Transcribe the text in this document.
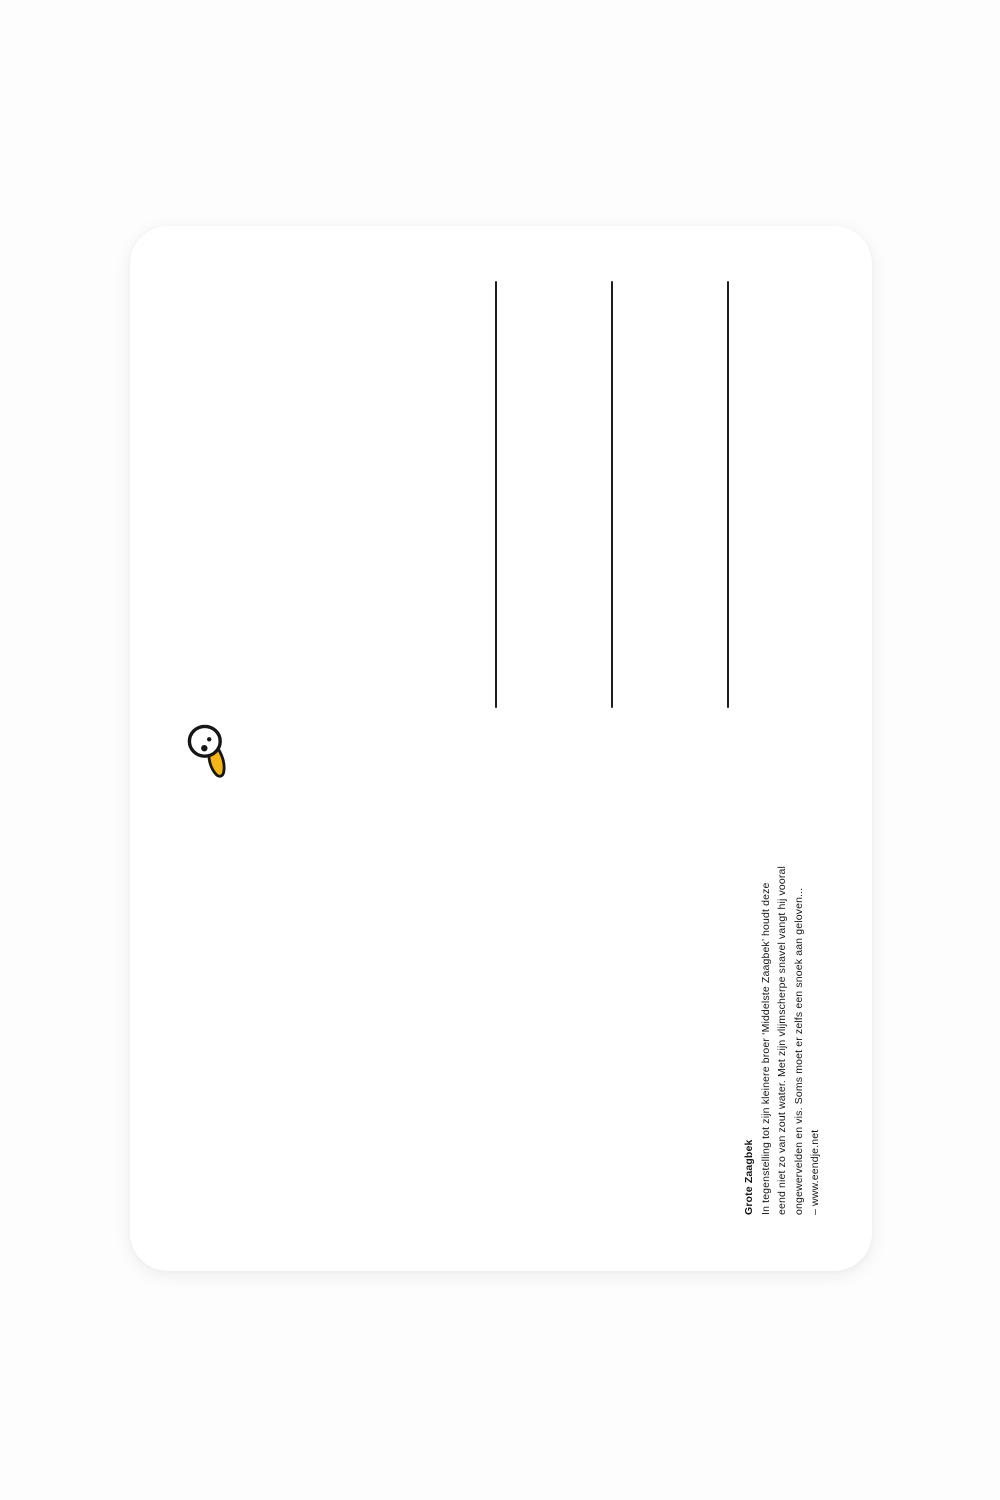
Grote Zaagbek In tegenstelling tot zijn kleinere broer ‘Middelste Zaagbek’ houdt deze eend niet zo van zout water. Met zijn vlijmscherpe snavel vangt hij vooral ongewervelden en vis. Soms moet er zelfs een snoek aan geloven... – www.eendje.net
